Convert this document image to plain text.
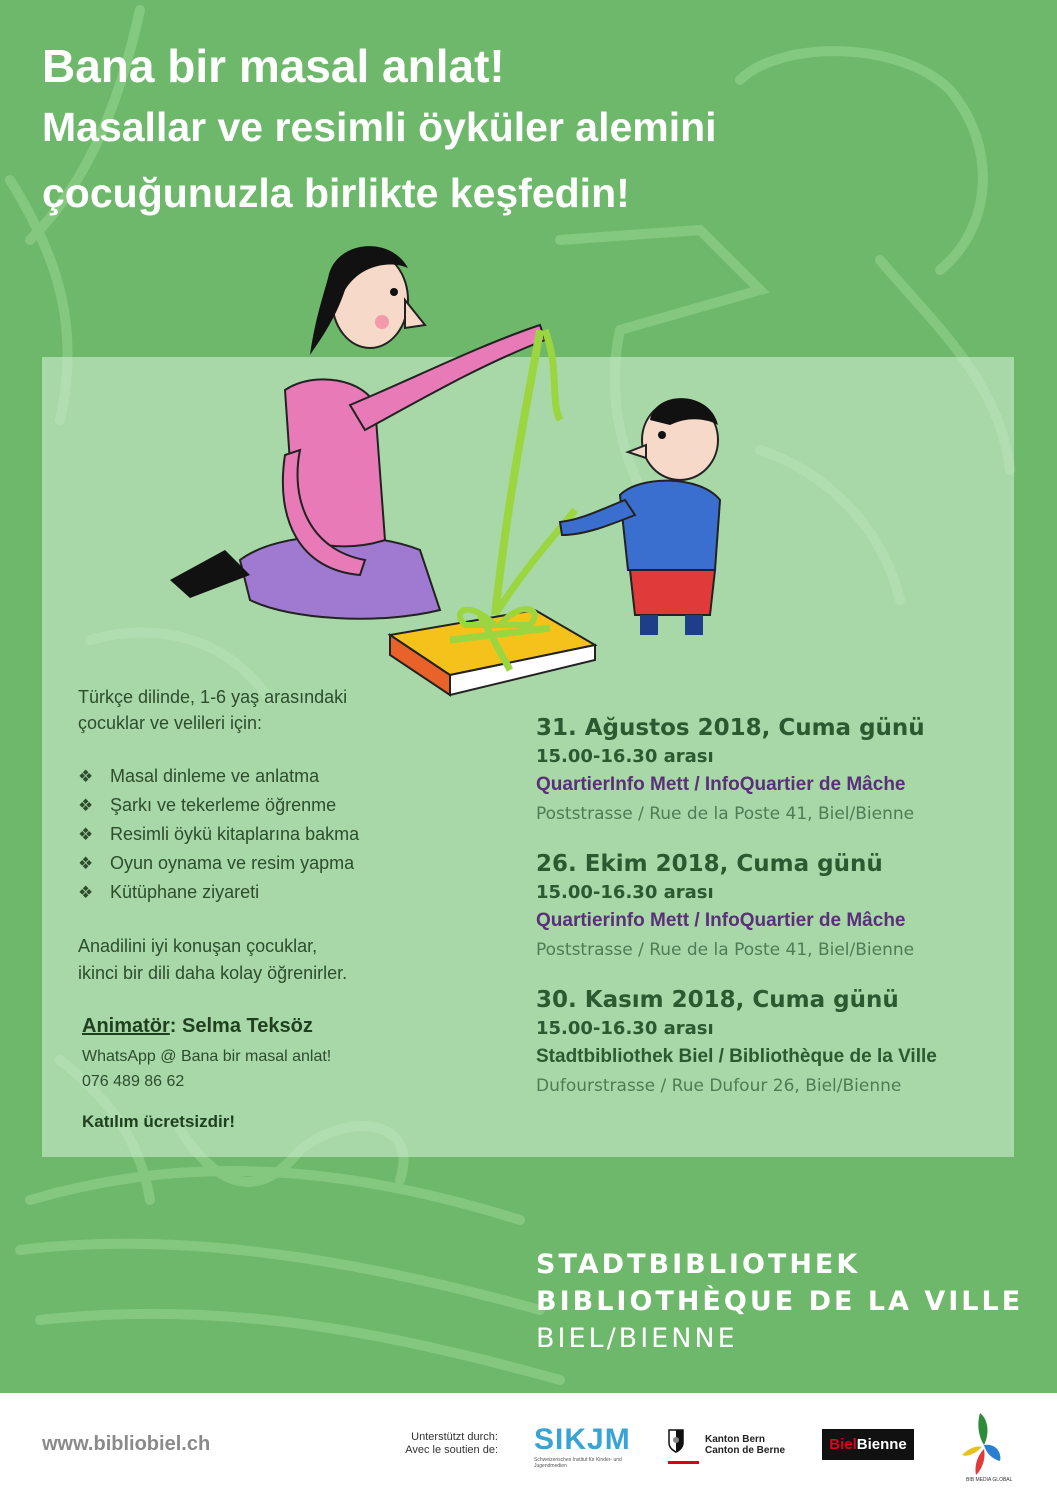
Bana bir masal anlat!

Masallar ve resimli öyküler alemini

çocuğunuzla birlikte keşfedin!

Türkçe dilinde, 1-6 yaş arasındaki
çocuklar ve velileri için:

❖ Masal dinleme ve anlatma
❖ Şarkı ve tekerleme öğrenme
❖ Resimli öykü kitaplarına bakma
❖ Oyun oynama ve resim yapma
❖ Kütüphane ziyareti

Anadilini iyi konuşan çocuklar,
ikinci bir dili daha kolay öğrenirler.

Animatör: Selma Teksöz

WhatsApp @ Bana bir masal anlat!
076 489 86 62

Katılım ücretsizdir!

31. Ağustos 2018, Cuma günü
15.00-16.30 arası
QuartierInfo Mett / InfoQuartier de Mâche
Poststrasse / Rue de la Poste 41, Biel/Bienne
26. Ekim 2018, Cuma günü
15.00-16.30 arası
Quartierinfo Mett / InfoQuartier de Mâche
Poststrasse / Rue de la Poste 41, Biel/Bienne
30. Kasım 2018, Cuma günü
15.00-16.30 arası
Stadtbibliothek Biel / Bibliothèque de la Ville
Dufourstrasse / Rue Dufour 26, Biel/Bienne
STADTBIBLIOTHEK
BIBLIOTHÈQUE DE LA VILLE
BIEL/BIENNE
www.bibliobiel.ch	Unterstützt durch:
Avec le soutien de: SIKJM
Schweizerisches Institut für Kinder- und Jugendmedien
Kanton Bern
Canton de Berne	BielBienne
BIB MEDIA GLOBAL
